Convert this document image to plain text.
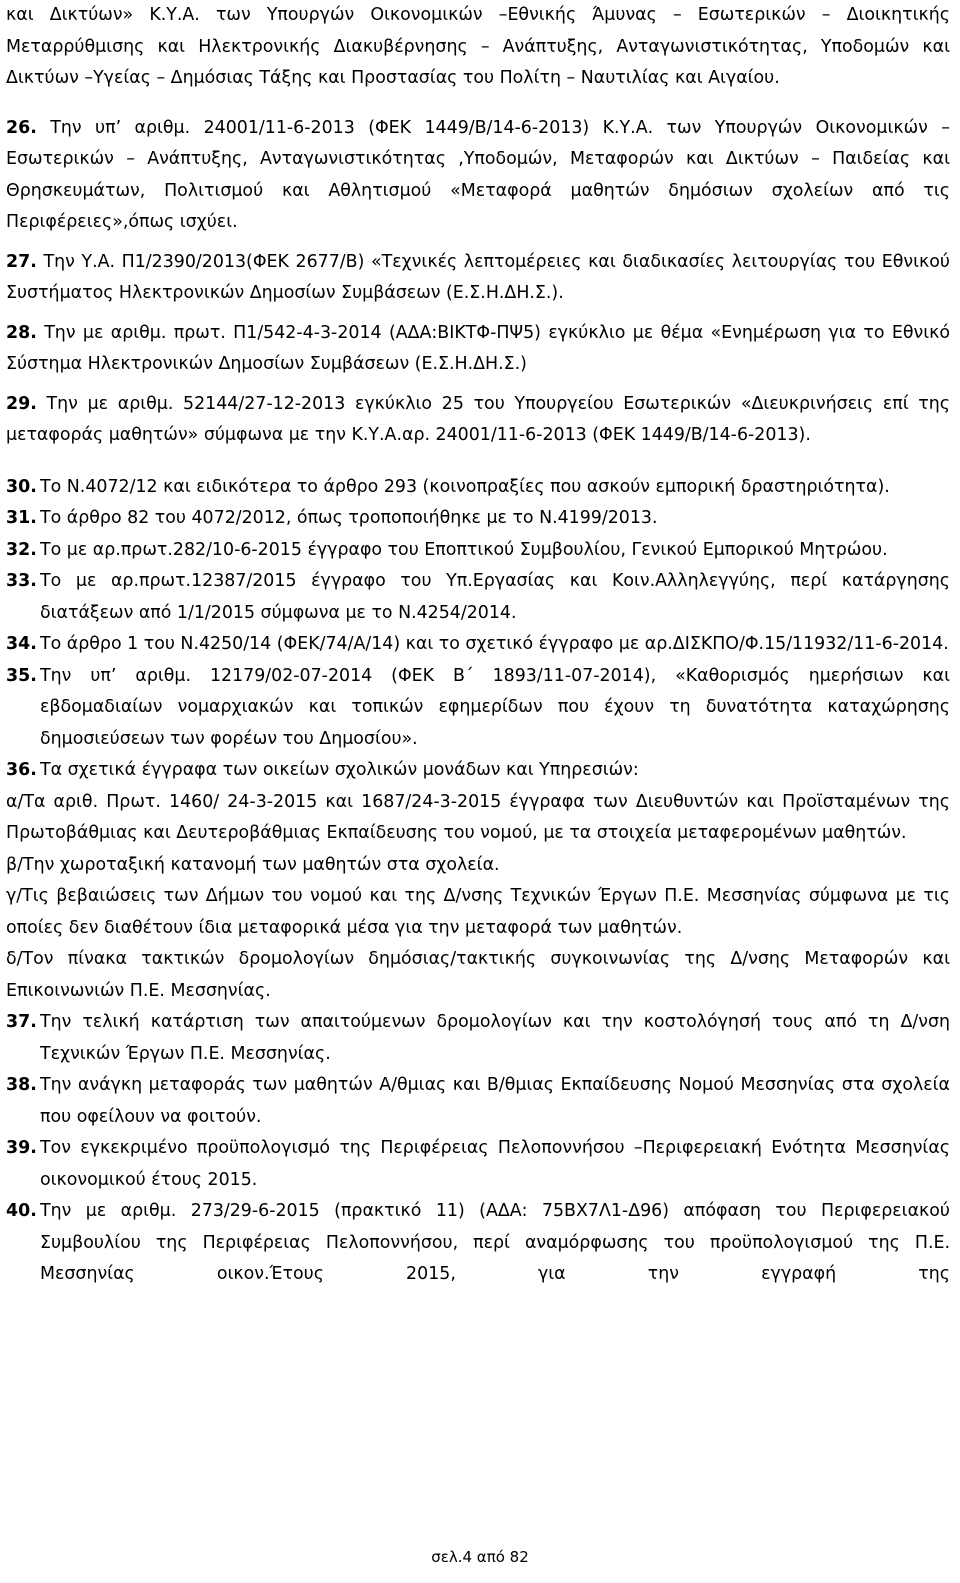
και Δικτύων» Κ.Υ.Α. των Υπουργών Οικονομικών –Εθνικής Άμυνας – Εσωτερικών – Διοικητικής Μεταρρύθμισης και Ηλεκτρονικής Διακυβέρνησης – Ανάπτυξης, Ανταγωνιστικότητας, Υποδομών και Δικτύων –Υγείας – Δημόσιας Τάξης και Προστασίας του Πολίτη – Ναυτιλίας και Αιγαίου.

26. Την υπ’ αριθμ. 24001/11-6-2013 (ΦΕΚ 1449/Β/14-6-2013) Κ.Υ.Α. των Υπουργών Οικονομικών – Εσωτερικών – Ανάπτυξης, Ανταγωνιστικότητας ,Υποδομών, Μεταφορών και Δικτύων – Παιδείας και Θρησκευμάτων, Πολιτισμού και Αθλητισμού «Μεταφορά μαθητών δημόσιων σχολείων από τις Περιφέρειες»,όπως ισχύει.

27. Την Υ.Α. Π1/2390/2013(ΦΕΚ 2677/Β) «Τεχνικές λεπτομέρειες και διαδικασίες λειτουργίας του Εθνικού Συστήματος Ηλεκτρονικών Δημοσίων Συμβάσεων (Ε.Σ.Η.ΔΗ.Σ.).

28. Την με αριθμ. πρωτ. Π1/542-4-3-2014 (ΑΔΑ:ΒΙΚΤΦ-ΠΨ5) εγκύκλιο με θέμα «Ενημέρωση για το Εθνικό Σύστημα Ηλεκτρονικών Δημοσίων Συμβάσεων (Ε.Σ.Η.ΔΗ.Σ.)

29. Την με αριθμ. 52144/27-12-2013 εγκύκλιο 25 του Υπουργείου Εσωτερικών «Διευκρινήσεις επί της μεταφοράς μαθητών» σύμφωνα με την Κ.Υ.Α.αρ. 24001/11-6-2013 (ΦΕΚ 1449/Β/14-6-2013).

30. Το Ν.4072/12 και ειδικότερα το άρθρο 293 (κοινοπραξίες που ασκούν εμπορική δραστηριότητα).

31. Το άρθρο 82 του 4072/2012, όπως τροποποιήθηκε με το Ν.4199/2013.

32. Το με αρ.πρωτ.282/10-6-2015 έγγραφο του Εποπτικού Συμβουλίου, Γενικού Εμπορικού Μητρώου.

33. Το με αρ.πρωτ.12387/2015 έγγραφο του Υπ.Εργασίας και Κοιν.Αλληλεγγύης, περί κατάργησης διατάξεων από 1/1/2015 σύμφωνα με το Ν.4254/2014.

34. Το άρθρο 1 του Ν.4250/14 (ΦΕΚ/74/Α/14) και το σχετικό έγγραφο με αρ.ΔΙΣΚΠΟ/Φ.15/11932/11-6-2014.

35. Την υπ’ αριθμ. 12179/02-07-2014 (ΦΕΚ Β΄ 1893/11-07-2014), «Καθορισμός ημερήσιων και εβδομαδιαίων νομαρχιακών και τοπικών εφημερίδων που έχουν τη δυνατότητα καταχώρησης δημοσιεύσεων των φορέων του Δημοσίου».

36. Τα σχετικά έγγραφα των οικείων σχολικών μονάδων και Υπηρεσιών:

α/Τα αριθ. Πρωτ. 1460/ 24-3-2015 και 1687/24-3-2015 έγγραφα των Διευθυντών και Προϊσταμένων της Πρωτοβάθμιας και Δευτεροβάθμιας Εκπαίδευσης του νομού, με τα στοιχεία μεταφερομένων μαθητών.

β/Την χωροταξική κατανομή των μαθητών στα σχολεία.

γ/Τις βεβαιώσεις των Δήμων του νομού και της Δ/νσης Τεχνικών Έργων Π.Ε. Μεσσηνίας σύμφωνα με τις οποίες δεν διαθέτουν ίδια μεταφορικά μέσα για την μεταφορά των μαθητών.

δ/Τον πίνακα τακτικών δρομολογίων δημόσιας/τακτικής συγκοινωνίας της Δ/νσης Μεταφορών και Επικοινωνιών Π.Ε. Μεσσηνίας.

37. Την τελική κατάρτιση των απαιτούμενων δρομολογίων και την κοστολόγησή τους από τη Δ/νση Τεχνικών Έργων Π.Ε. Μεσσηνίας.

38. Την ανάγκη μεταφοράς των μαθητών Α/θμιας και Β/θμιας Εκπαίδευσης Νομού Μεσσηνίας στα σχολεία που οφείλουν να φοιτούν.

39. Τον εγκεκριμένο προϋπολογισμό της Περιφέρειας Πελοποννήσου –Περιφερειακή Ενότητα Μεσσηνίας οικονομικού έτους 2015.

40. Την με αριθμ. 273/29-6-2015 (πρακτικό 11) (ΑΔΑ: 75ΒΧ7Λ1-Δ96) απόφαση του Περιφερειακού Συμβουλίου της Περιφέρειας Πελοποννήσου, περί αναμόρφωσης του προϋπολογισμού της Π.Ε. Μεσσηνίας οικον.Έτους 2015, για την εγγραφή της

σελ.4 από 82
